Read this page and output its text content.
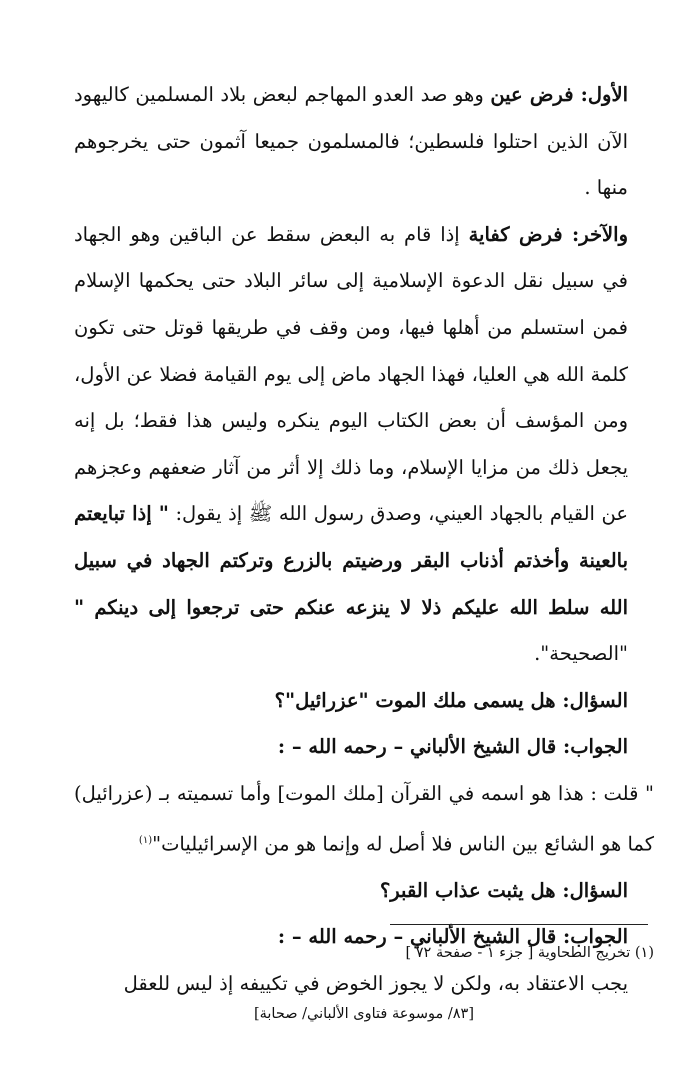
الأول: فرض عين وهو صد العدو المهاجم لبعض بلاد المسلمين كاليهود الآن الذين احتلوا فلسطين؛ فالمسلمون جميعا آثمون حتى يخرجوهم منها .

والآخر: فرض كفاية إذا قام به البعض سقط عن الباقين وهو الجهاد في سبيل نقل الدعوة الإسلامية إلى سائر البلاد حتى يحكمها الإسلام فمن استسلم من أهلها فيها، ومن وقف في طريقها قوتل حتى تكون كلمة الله هي العليا، فهذا الجهاد ماض إلى يوم القيامة فضلا عن الأول، ومن المؤسف أن بعض الكتاب اليوم ينكره وليس هذا فقط؛ بل إنه يجعل ذلك من مزايا الإسلام، وما ذلك إلا أثر من آثار ضعفهم وعجزهم عن القيام بالجهاد العيني، وصدق رسول الله ﷺ إذ يقول: " إذا تبايعتم بالعينة وأخذتم أذناب البقر ورضيتم بالزرع وتركتم الجهاد في سبيل الله سلط الله عليكم ذلا لا ينزعه عنكم حتى ترجعوا إلى دينكم " "الصحيحة".

السؤال: هل يسمى ملك الموت "عزرائيل"؟

الجواب: قال الشيخ الألباني – رحمه الله – :

" قلت : هذا هو اسمه في القرآن [ملك الموت] وأما تسميته بـ (عزرائيل) كما هو الشائع بين الناس فلا أصل له وإنما هو من الإسرائيليات"$^{(١)}$

السؤال: هل يثبت عذاب القبر؟

الجواب: قال الشيخ الألباني – رحمه الله – :

يجب الاعتقاد به، ولكن لا يجوز الخوض في تكييفه إذ ليس للعقل

(١) تخريج الطحاوية [ جزء ١ - صفحة ٧٢ ]
[٨٣/ موسوعة فتاوى الألباني/ صحابة]
